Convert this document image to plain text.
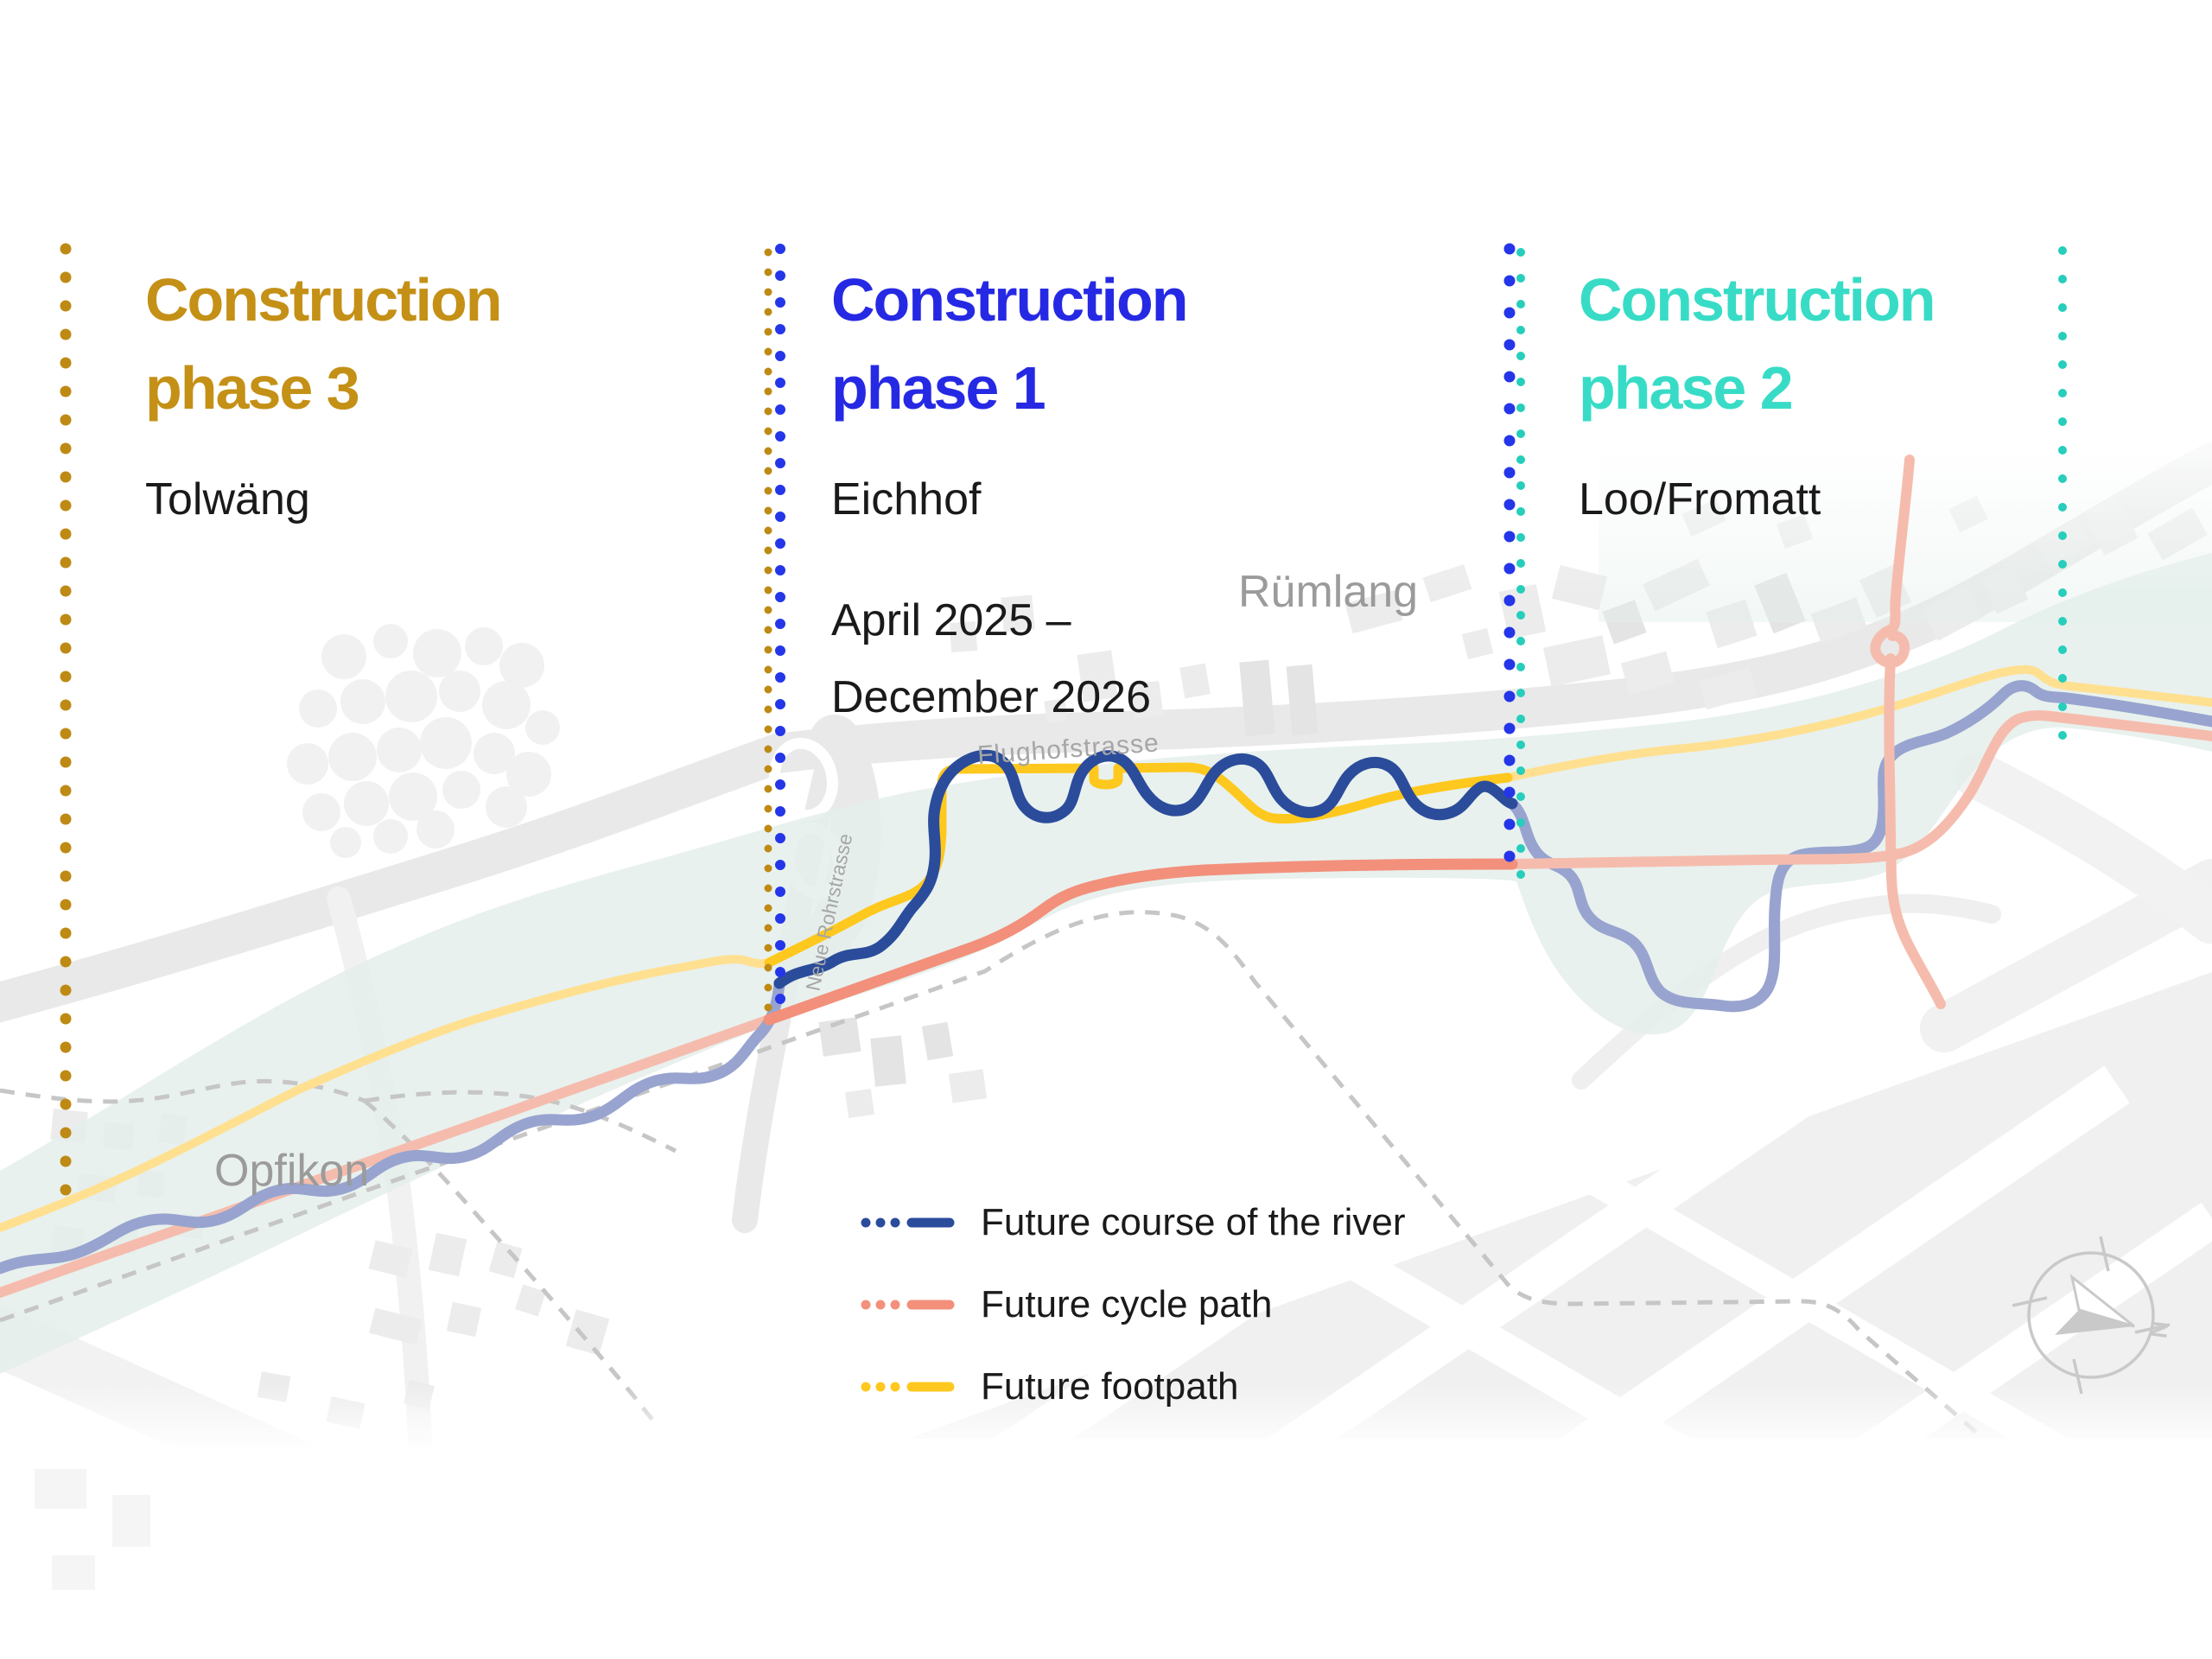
Flughofstrasse
Neue Rohrstrasse
Rümlang
Opfikon
N
Construction
phase 3
Tolwäng
Construction
phase 1
Eichhof
April 2025 –
December 2026
Construction
phase 2
Loo/Fromatt
Future course of the river
Future cycle path
Future footpath
